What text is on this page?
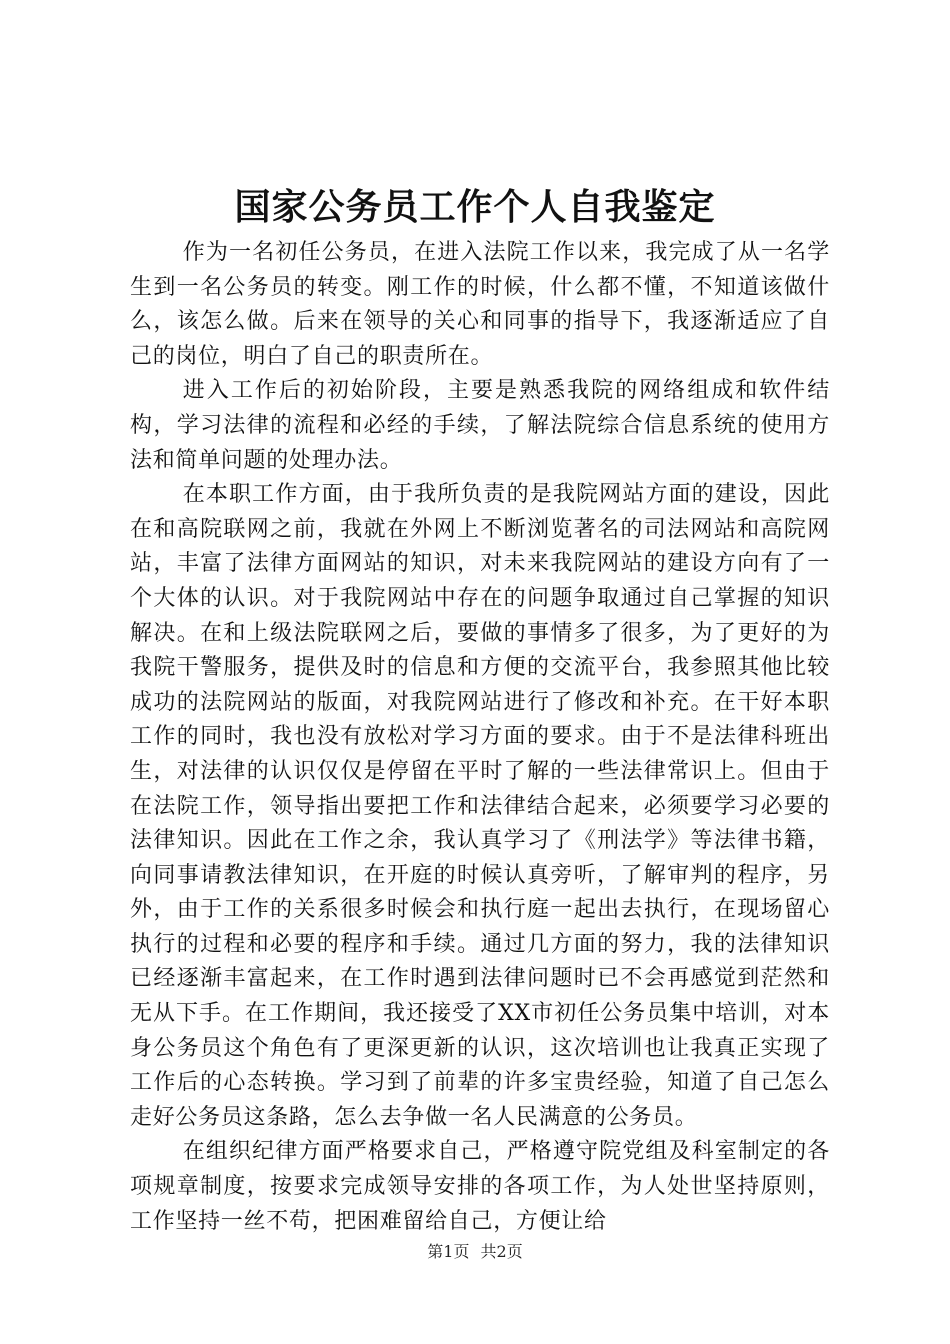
国家公务员工作个人自我鉴定

作为一名初任公务员，在进入法院工作以来，我完成了从一名学生到一名公务员的转变。刚工作的时候，什么都不懂，不知道该做什么，该怎么做。后来在领导的关心和同事的指导下，我逐渐适应了自己的岗位，明白了自己的职责所在。

进入工作后的初始阶段，主要是熟悉我院的网络组成和软件结构，学习法律的流程和必经的手续，了解法院综合信息系统的使用方法和简单问题的处理办法。

在本职工作方面，由于我所负责的是我院网站方面的建设，因此在和高院联网之前，我就在外网上不断浏览著名的司法网站和高院网站，丰富了法律方面网站的知识，对未来我院网站的建设方向有了一个大体的认识。对于我院网站中存在的问题争取通过自己掌握的知识解决。在和上级法院联网之后，要做的事情多了很多，为了更好的为我院干警服务，提供及时的信息和方便的交流平台，我参照其他比较成功的法院网站的版面，对我院网站进行了修改和补充。在干好本职工作的同时，我也没有放松对学习方面的要求。由于不是法律科班出生，对法律的认识仅仅是停留在平时了解的一些法律常识上。但由于在法院工作，领导指出要把工作和法律结合起来，必须要学习必要的法律知识。因此在工作之余，我认真学习了《刑法学》等法律书籍，向同事请教法律知识，在开庭的时候认真旁听，了解审判的程序，另外，由于工作的关系很多时候会和执行庭一起出去执行，在现场留心执行的过程和必要的程序和手续。通过几方面的努力，我的法律知识已经逐渐丰富起来，在工作时遇到法律问题时已不会再感觉到茫然和无从下手。在工作期间，我还接受了XX市初任公务员集中培训，对本身公务员这个角色有了更深更新的认识，这次培训也让我真正实现了工作后的心态转换。学习到了前辈的许多宝贵经验，知道了自己怎么走好公务员这条路，怎么去争做一名人民满意的公务员。

在组织纪律方面严格要求自己，严格遵守院党组及科室制定的各项规章制度，按要求完成领导安排的各项工作，为人处世坚持原则，工作坚持一丝不苟，把困难留给自己，方便让给

第1页 共2页
